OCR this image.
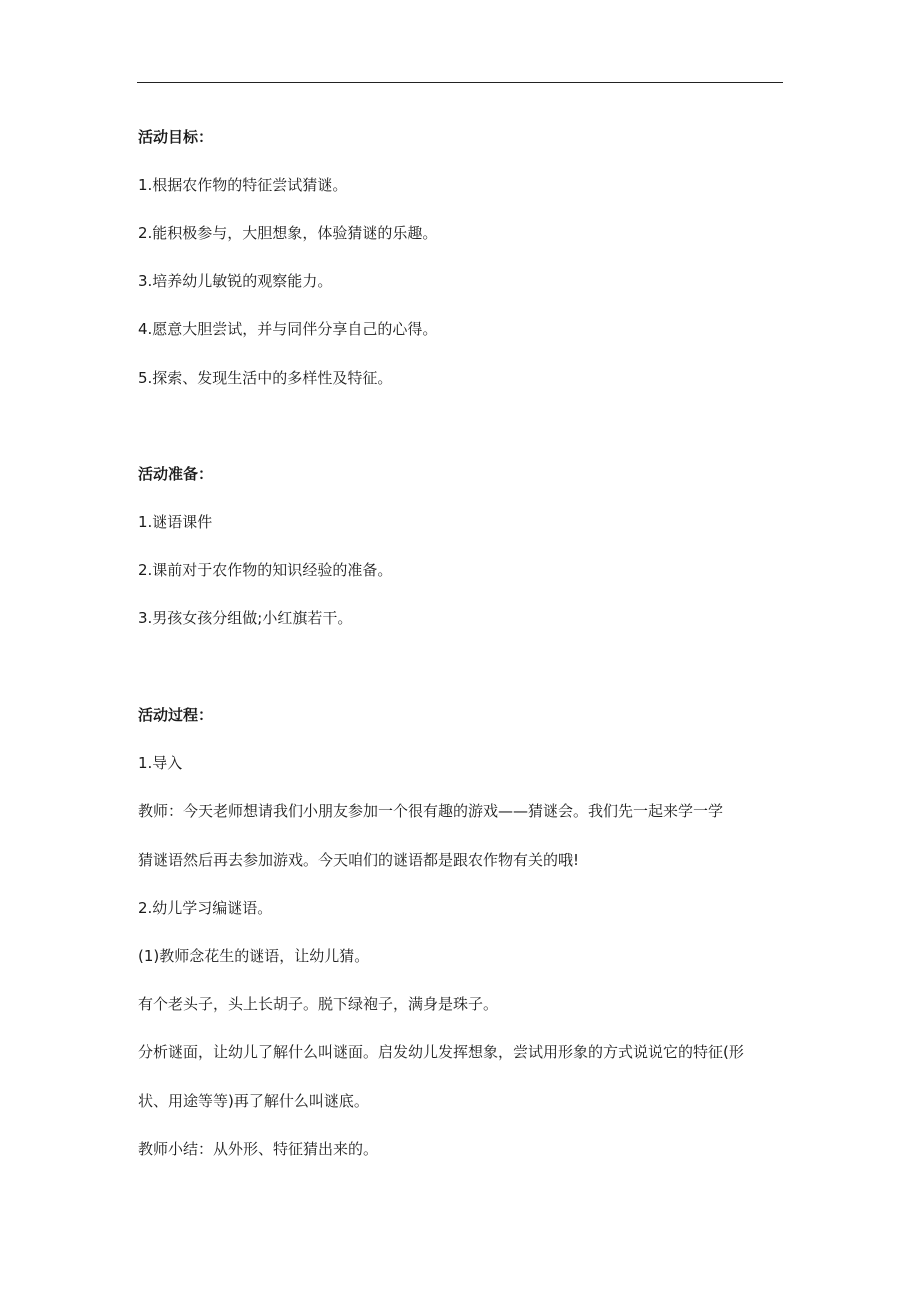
活动目标：
1.根据农作物的特征尝试猜谜。
2.能积极参与，大胆想象，体验猜谜的乐趣。
3.培养幼儿敏锐的观察能力。
4.愿意大胆尝试，并与同伴分享自己的心得。
5.探索、发现生活中的多样性及特征。
活动准备：
1.谜语课件
2.课前对于农作物的知识经验的准备。
3.男孩女孩分组做;小红旗若干。
活动过程：
1.导入
教师：今天老师想请我们小朋友参加一个很有趣的游戏——猜谜会。我们先一起来学一学
猜谜语然后再去参加游戏。今天咱们的谜语都是跟农作物有关的哦!
2.幼儿学习编谜语。
(1)教师念花生的谜语，让幼儿猜。
有个老头子，头上长胡子。脱下绿袍子，满身是珠子。
分析谜面，让幼儿了解什么叫谜面。启发幼儿发挥想象，尝试用形象的方式说说它的特征(形
状、用途等等)再了解什么叫谜底。
教师小结：从外形、特征猜出来的。
